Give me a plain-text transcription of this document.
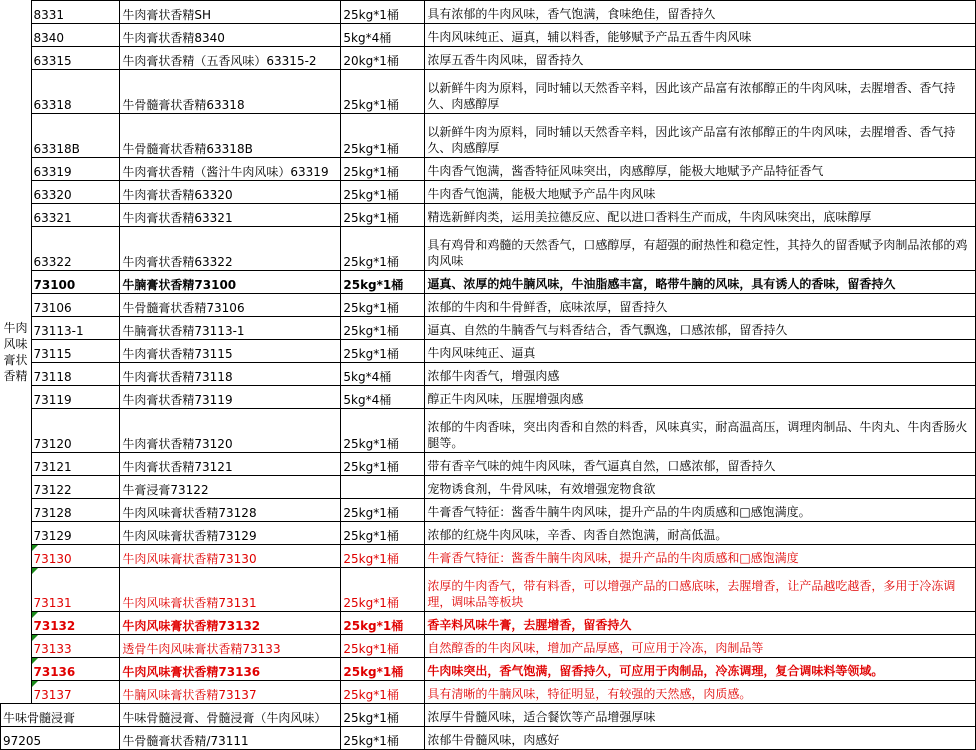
牛肉风味膏状香精	8331	牛肉膏状香精SH	25kg*1桶	具有浓郁的牛肉风味，香气饱满，食味绝佳，留香持久
	8340	牛肉膏状香精8340	5kg*4桶	牛肉风味纯正、逼真，辅以料香，能够赋予产品五香牛肉风味
	63315	牛肉膏状香精（五香风味）63315-2	20kg*1桶	浓厚五香牛肉风味，留香持久
	63318	牛骨髓膏状香精63318	25kg*1桶	以新鲜牛肉为原料，同时辅以天然香辛料，因此该产品富有浓郁醇正的牛肉风味，去腥增香、香气持久、肉感醇厚
	63318B	牛骨髓膏状香精63318B	25kg*1桶	以新鲜牛肉为原料，同时辅以天然香辛料，因此该产品富有浓郁醇正的牛肉风味，去腥增香、香气持久、肉感醇厚
	63319	牛肉膏状香精（酱汁牛肉风味）63319	25kg*1桶	牛肉香气饱满，酱香特征风味突出，肉感醇厚，能极大地赋予产品特征香气
	63320	牛肉膏状香精63320	25kg*1桶	牛肉香气饱满，能极大地赋予产品牛肉风味
	63321	牛肉膏状香精63321	25kg*1桶	精选新鲜肉类，运用美拉德反应、配以进口香料生产而成，牛肉风味突出，底味醇厚
	63322	牛肉膏状香精63322	25kg*1桶	具有鸡骨和鸡髓的天然香气，口感醇厚，有超强的耐热性和稳定性，其持久的留香赋予肉制品浓郁的鸡肉风味
	73100	牛腩膏状香精73100	25kg*1桶	逼真、浓厚的炖牛腩风味，牛油脂感丰富，略带牛腩的风味，具有诱人的香味，留香持久
	73106	牛骨髓膏状香精73106	25kg*1桶	浓郁的牛肉和牛骨鲜香，底味浓厚，留香持久
	73113-1	牛腩膏状香精73113-1	25kg*1桶	逼真、自然的牛腩香气与料香结合，香气飘逸，口感浓郁，留香持久
	73115	牛肉膏状香精73115	25kg*1桶	牛肉风味纯正、逼真
	73118	牛肉膏状香精73118	5kg*4桶	浓郁牛肉香气，增强肉感
	73119	牛肉膏状香精73119	5kg*4桶	醇正牛肉风味，压腥增强肉感
	73120	牛肉膏状香精73120	25kg*1桶	浓郁的牛肉香味，突出肉香和自然的料香，风味真实，耐高温高压，调理肉制品、牛肉丸、牛肉香肠火腿等。
	73121	牛肉膏状香精73121	25kg*1桶	带有香辛气味的炖牛肉风味，香气逼真自然，口感浓郁，留香持久
	73122	牛膏浸膏73122		宠物诱食剂，牛骨风味，有效增强宠物食欲
	73128	牛肉风味膏状香精73128	25kg*1桶	牛膏香气特征：酱香牛腩牛肉风味，提升产品的牛肉质感和□感饱满度。
	73129	牛肉风味膏状香精73129	25kg*1桶	浓郁的红烧牛肉风味，辛香、肉香自然饱满，耐高低温。
	73130	牛肉风味膏状香精73130	25kg*1桶	牛膏香气特征：酱香牛腩牛肉风味，提升产品的牛肉质感和□感饱满度
	73131	牛肉风味膏状香精73131	25kg*1桶	浓厚的牛肉香气，带有料香，可以增强产品的口感底味，去腥增香，让产品越吃越香，多用于冷冻调理，调味品等板块
	73132	牛肉风味膏状香精73132	25kg*1桶	香辛料风味牛膏，去腥增香，留香持久
	73133	透骨牛肉风味膏状香精73133	25kg*1桶	自然醇香的牛肉风味，增加产品厚感，可应用于冷冻，肉制品等
	73136	牛肉风味膏状香精73136	25kg*1桶	牛肉味突出，香气饱满，留香持久，可应用于肉制品，冷冻调理，复合调味料等领域。
	73137	牛腩风味膏状香精73137	25kg*1桶	具有清晰的牛腩风味，特征明显，有较强的天然感，肉质感。
牛味骨髓浸膏		牛味骨髓浸膏、骨髓浸膏（牛肉风味）	25kg*1桶	浓厚牛骨髓风味，适合餐饮等产品增强厚味
97205		牛骨髓膏状香精/73111	25kg*1桶	浓郁牛骨髓风味，肉感好
